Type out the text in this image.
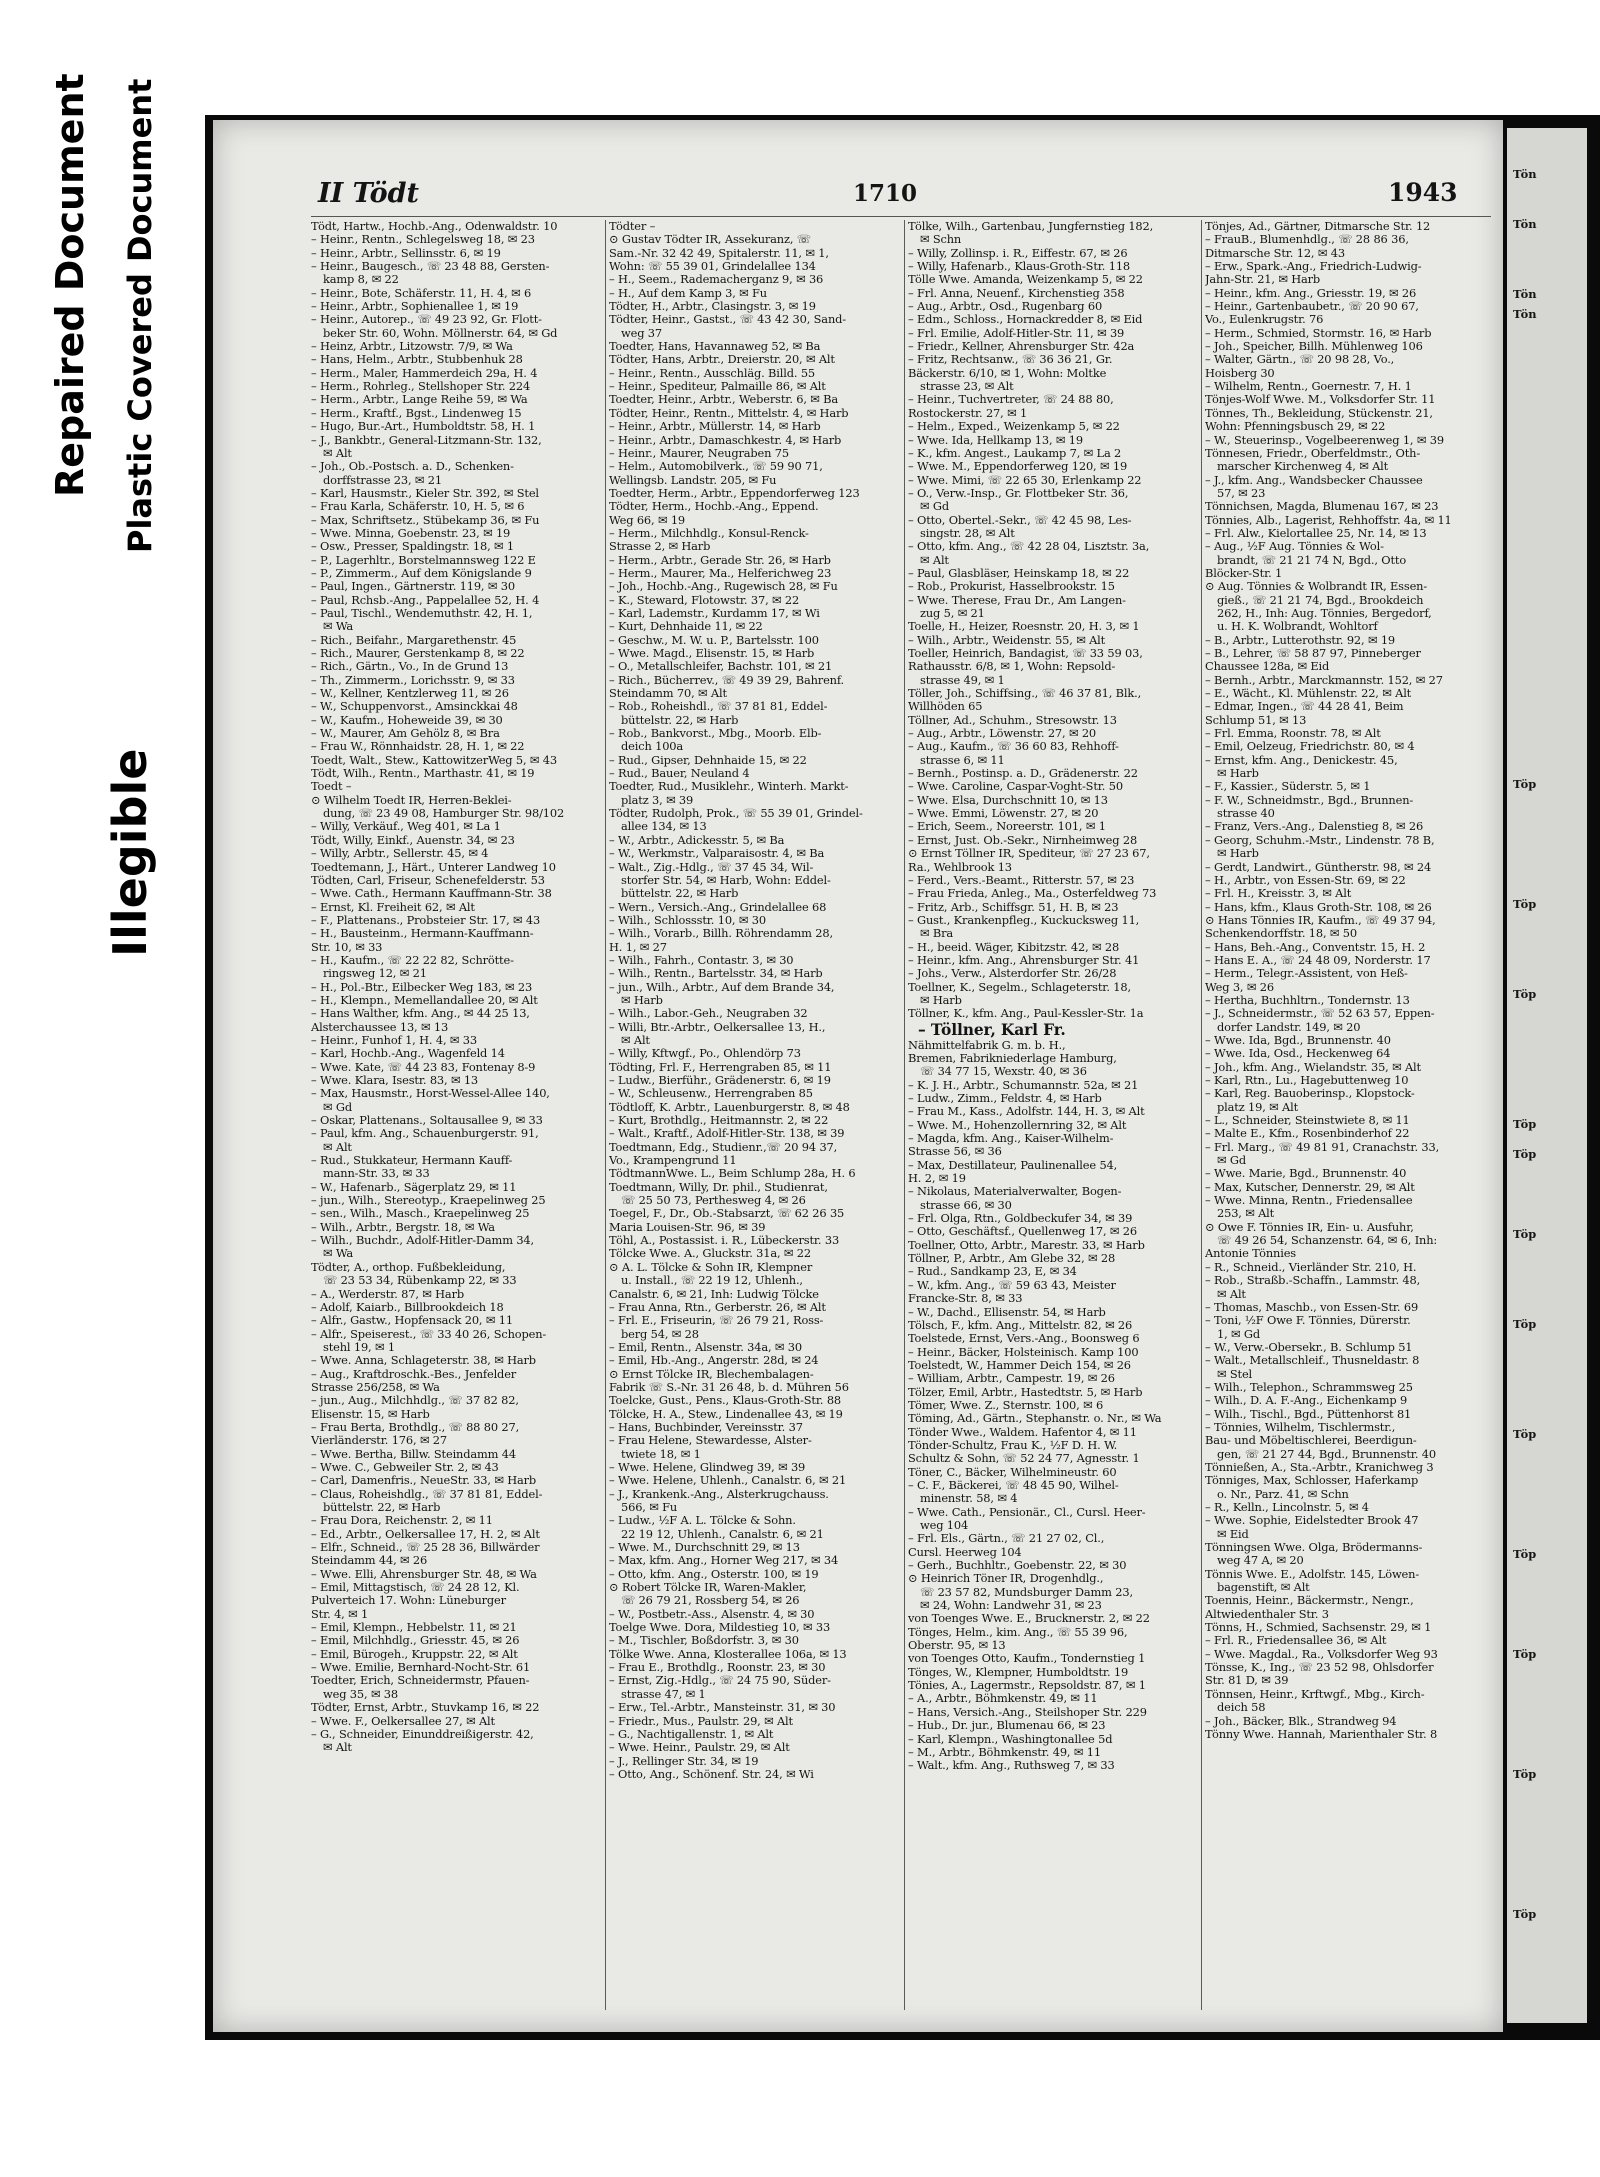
Repaired Document Plastic Covered Document
Illegible
II Tödt	1710	1943

Tödt, Hartw., Hochb.-Ang., Odenwaldstr. 10

– Heinr., Rentn., Schlegelsweg 18, ✉ 23

– Heinr., Arbtr., Sellinsstr. 6, ✉ 19

– Heinr., Baugesch., ☏ 23 48 88, Gersten-

kamp 8, ✉ 22

– Heinr., Bote, Schäferstr. 11, H. 4, ✉ 6

– Heinr., Arbtr., Sophienallee 1, ✉ 19

– Heinr., Autorep., ☏ 49 23 92, Gr. Flott-

beker Str. 60, Wohn. Möllnerstr. 64, ✉ Gd

– Heinz, Arbtr., Litzowstr. 7/9, ✉ Wa

– Hans, Helm., Arbtr., Stubbenhuk 28

– Herm., Maler, Hammerdeich 29a, H. 4

– Herm., Rohrleg., Stellshoper Str. 224

– Herm., Arbtr., Lange Reihe 59, ✉ Wa

– Herm., Kraftf., Bgst., Lindenweg 15

– Hugo, Bur.-Art., Humboldtstr. 58, H. 1

– J., Bankbtr., General-Litzmann-Str. 132,

✉ Alt

– Joh., Ob.-Postsch. a. D., Schenken-

dorffstrasse 23, ✉ 21

– Karl, Hausmstr., Kieler Str. 392, ✉ Stel

– Frau Karla, Schäferstr. 10, H. 5, ✉ 6

– Max, Schriftsetz., Stübekamp 36, ✉ Fu

– Wwe. Minna, Goebenstr. 23, ✉ 19

– Osw., Presser, Spaldingstr. 18, ✉ 1

– P., Lagerhltr., Borstelmannsweg 122 E

– P., Zimmerm., Auf dem Königslande 9

– Paul, Ingen., Gärtnerstr. 119, ✉ 30

– Paul, Rchsb.-Ang., Pappelallee 52, H. 4

– Paul, Tischl., Wendemuthstr. 42, H. 1,

✉ Wa

– Rich., Beifahr., Margarethenstr. 45

– Rich., Maurer, Gerstenkamp 8, ✉ 22

– Rich., Gärtn., Vo., In de Grund 13

– Th., Zimmerm., Lorichsstr. 9, ✉ 33

– W., Kellner, Kentzlerweg 11, ✉ 26

– W., Schuppenvorst., Amsinckkai 48

– W., Kaufm., Hoheweide 39, ✉ 30

– W., Maurer, Am Gehölz 8, ✉ Bra

– Frau W., Rönnhaidstr. 28, H. 1, ✉ 22

Toedt, Walt., Stew., KattowitzerWeg 5, ✉ 43

Tödt, Wilh., Rentn., Marthastr. 41, ✉ 19

Toedt –

⊙ Wilhelm Toedt IR, Herren-Beklei-

dung, ☏ 23 49 08, Hamburger Str. 98/102

– Willy, Verkäuf., Weg 401, ✉ La 1

Tödt, Willy, Einkf., Auenstr. 34, ✉ 23

– Willy, Arbtr., Sellerstr. 45, ✉ 4

Toedtemann, J., Härt., Unterer Landweg 10

Tödten, Carl, Friseur, Schenefelderstr. 53

– Wwe. Cath., Hermann Kauffmann-Str. 38

– Ernst, Kl. Freiheit 62, ✉ Alt

– F., Plattenans., Probsteier Str. 17, ✉ 43

– H., Bausteinm., Hermann-Kauffmann-

Str. 10, ✉ 33

– H., Kaufm., ☏ 22 22 82, Schrötte-

ringsweg 12, ✉ 21

– H., Pol.-Btr., Eilbecker Weg 183, ✉ 23

– H., Klempn., Memellandallee 20, ✉ Alt

– Hans Walther, kfm. Ang., ✉ 44 25 13,

Alsterchaussee 13, ✉ 13

– Heinr., Funhof 1, H. 4, ✉ 33

– Karl, Hochb.-Ang., Wagenfeld 14

– Wwe. Kate, ☏ 44 23 83, Fontenay 8-9

– Wwe. Klara, Isestr. 83, ✉ 13

– Max, Hausmstr., Horst-Wessel-Allee 140,

✉ Gd

– Oskar, Plattenans., Soltausallee 9, ✉ 33

– Paul, kfm. Ang., Schauenburgerstr. 91,

✉ Alt

– Rud., Stukkateur, Hermann Kauff-

mann-Str. 33, ✉ 33

– W., Hafenarb., Sägerplatz 29, ✉ 11

– jun., Wilh., Stereotyp., Kraepelinweg 25

– sen., Wilh., Masch., Kraepelinweg 25

– Wilh., Arbtr., Bergstr. 18, ✉ Wa

– Wilh., Buchdr., Adolf-Hitler-Damm 34,

✉ Wa

Tödter, A., orthop. Fußbekleidung,

☏ 23 53 34, Rübenkamp 22, ✉ 33

– A., Werderstr. 87, ✉ Harb

– Adolf, Kaiarb., Billbrookdeich 18

– Alfr., Gastw., Hopfensack 20, ✉ 11

– Alfr., Speiserest., ☏ 33 40 26, Schopen-

stehl 19, ✉ 1

– Wwe. Anna, Schlageterstr. 38, ✉ Harb

– Aug., Kraftdroschk.-Bes., Jenfelder

Strasse 256/258, ✉ Wa

– jun., Aug., Milchhdlg., ☏ 37 82 82,

Elisenstr. 15, ✉ Harb

– Frau Berta, Brothdlg., ☏ 88 80 27,

Vierländerstr. 176, ✉ 27

– Wwe. Bertha, Billw. Steindamm 44

– Wwe. C., Gebweiler Str. 2, ✉ 43

– Carl, Damenfris., NeueStr. 33, ✉ Harb

– Claus, Roheishdlg., ☏ 37 81 81, Eddel-

büttelstr. 22, ✉ Harb

– Frau Dora, Reichenstr. 2, ✉ 11

– Ed., Arbtr., Oelkersallee 17, H. 2, ✉ Alt

– Elfr., Schneid., ☏ 25 28 36, Billwärder

Steindamm 44, ✉ 26

– Wwe. Elli, Ahrensburger Str. 48, ✉ Wa

– Emil, Mittagstisch, ☏ 24 28 12, Kl.

Pulverteich 17. Wohn: Lüneburger

Str. 4, ✉ 1

– Emil, Klempn., Hebbelstr. 11, ✉ 21

– Emil, Milchhdlg., Griesstr. 45, ✉ 26

– Emil, Bürogeh., Kruppstr. 22, ✉ Alt

– Wwe. Emilie, Bernhard-Nocht-Str. 61

Toedter, Erich, Schneidermstr, Pfauen-

weg 35, ✉ 38

Tödter, Ernst, Arbtr., Stuvkamp 16, ✉ 22

– Wwe. F., Oelkersallee 27, ✉ Alt

– G., Schneider, Einunddreißigerstr. 42,

✉ Alt

Tödter –

⊙ Gustav Tödter IR, Assekuranz, ☏

Sam.-Nr. 32 42 49, Spitalerstr. 11, ✉ 1,

Wohn: ☏ 55 39 01, Grindelallee 134

– H., Seem., Rademacherganz 9, ✉ 36

– H., Auf dem Kamp 3, ✉ Fu

Tödter, H., Arbtr., Clasingstr. 3, ✉ 19

Tödter, Heinr., Gastst., ☏ 43 42 30, Sand-

weg 37

Toedter, Hans, Havannaweg 52, ✉ Ba

Tödter, Hans, Arbtr., Dreierstr. 20, ✉ Alt

– Heinr., Rentn., Ausschläg. Billd. 55

– Heinr., Spediteur, Palmaille 86, ✉ Alt

Toedter, Heinr., Arbtr., Weberstr. 6, ✉ Ba

Tödter, Heinr., Rentn., Mittelstr. 4, ✉ Harb

– Heinr., Arbtr., Müllerstr. 14, ✉ Harb

– Heinr., Arbtr., Damaschkestr. 4, ✉ Harb

– Heinr., Maurer, Neugraben 75

– Helm., Automobilverk., ☏ 59 90 71,

Wellingsb. Landstr. 205, ✉ Fu

Toedter, Herm., Arbtr., Eppendorferweg 123

Tödter, Herm., Hochb.-Ang., Eppend.

Weg 66, ✉ 19

– Herm., Milchhdlg., Konsul-Renck-

Strasse 2, ✉ Harb

– Herm., Arbtr., Gerade Str. 26, ✉ Harb

– Herm., Maurer, Ma., Helferichweg 23

– Joh., Hochb.-Ang., Rugewisch 28, ✉ Fu

– K., Steward, Flotowstr. 37, ✉ 22

– Karl, Lademstr., Kurdamm 17, ✉ Wi

– Kurt, Dehnhaide 11, ✉ 22

– Geschw., M. W. u. P., Bartelsstr. 100

– Wwe. Magd., Elisenstr. 15, ✉ Harb

– O., Metallschleifer, Bachstr. 101, ✉ 21

– Rich., Bücherrev., ☏ 49 39 29, Bahrenf.

Steindamm 70, ✉ Alt

– Rob., Roheishdl., ☏ 37 81 81, Eddel-

büttelstr. 22, ✉ Harb

– Rob., Bankvorst., Mbg., Moorb. Elb-

deich 100a

– Rud., Gipser, Dehnhaide 15, ✉ 22

– Rud., Bauer, Neuland 4

Toedter, Rud., Musiklehr., Winterh. Markt-

platz 3, ✉ 39

Tödter, Rudolph, Prok., ☏ 55 39 01, Grindel-

allee 134, ✉ 13

– W., Arbtr., Adickesstr. 5, ✉ Ba

– W., Werkmstr., Valparaisostr. 4, ✉ Ba

– Walt., Zig.-Hdlg., ☏ 37 45 34, Wil-

storfer Str. 54, ✉ Harb, Wohn: Eddel-

büttelstr. 22, ✉ Harb

– Wern., Versich.-Ang., Grindelallee 68

– Wilh., Schlossstr. 10, ✉ 30

– Wilh., Vorarb., Billh. Röhrendamm 28,

H. 1, ✉ 27

– Wilh., Fahrh., Contastr. 3, ✉ 30

– Wilh., Rentn., Bartelsstr. 34, ✉ Harb

– jun., Wilh., Arbtr., Auf dem Brande 34,

✉ Harb

– Wilh., Labor.-Geh., Neugraben 32

– Willi, Btr.-Arbtr., Oelkersallee 13, H.,

✉ Alt

– Willy, Kftwgf., Po., Ohlendörp 73

Tödting, Frl. F., Herrengraben 85, ✉ 11

– Ludw., Bierführ., Grädenerstr. 6, ✉ 19

– W., Schleusenw., Herrengraben 85

Tödtloff, K. Arbtr., Lauenburgerstr. 8, ✉ 48

– Kurt, Brothdlg., Heitmannstr. 2, ✉ 22

– Walt., Kraftf., Adolf-Hitler-Str. 138, ✉ 39

Toedtmann, Edg., Studienr.,☏ 20 94 37,

Vo., Krampengrund 11

TödtmannWwe. L., Beim Schlump 28a, H. 6

Toedtmann, Willy, Dr. phil., Studienrat,

☏ 25 50 73, Perthesweg 4, ✉ 26

Toegel, F., Dr., Ob.-Stabsarzt, ☏ 62 26 35

Maria Louisen-Str. 96, ✉ 39

Töhl, A., Postassist. i. R., Lübeckerstr. 33

Tölcke Wwe. A., Gluckstr. 31a, ✉ 22

⊙ A. L. Tölcke & Sohn IR, Klempner

u. Install., ☏ 22 19 12, Uhlenh.,

Canalstr. 6, ✉ 21, Inh: Ludwig Tölcke

– Frau Anna, Rtn., Gerberstr. 26, ✉ Alt

– Frl. E., Friseurin, ☏ 26 79 21, Ross-

berg 54, ✉ 28

– Emil, Rentn., Alsenstr. 34a, ✉ 30

– Emil, Hb.-Ang., Angerstr. 28d, ✉ 24

⊙ Ernst Tölcke IR, Blechembalagen-

Fabrik ☏ S.-Nr. 31 26 48, b. d. Mühren 56

Toelcke, Gust., Pens., Klaus-Groth-Str. 88

Tölcke, H. A., Stew., Lindenallee 43, ✉ 19

– Hans, Buchbinder, Vereinsstr. 37

– Frau Helene, Stewardesse, Alster-

twiete 18, ✉ 1

– Wwe. Helene, Glindweg 39, ✉ 39

– Wwe. Helene, Uhlenh., Canalstr. 6, ✉ 21

– J., Krankenk.-Ang., Alsterkrugchauss.

566, ✉ Fu

– Ludw., ½F A. L. Tölcke & Sohn.

22 19 12, Uhlenh., Canalstr. 6, ✉ 21

– Wwe. M., Durchschnitt 29, ✉ 13

– Max, kfm. Ang., Horner Weg 217, ✉ 34

– Otto, kfm. Ang., Osterstr. 100, ✉ 19

⊙ Robert Tölcke IR, Waren-Makler,

☏ 26 79 21, Rossberg 54, ✉ 26

– W., Postbetr.-Ass., Alsenstr. 4, ✉ 30

Toelge Wwe. Dora, Mildestieg 10, ✉ 33

– M., Tischler, Boßdorfstr. 3, ✉ 30

Tölke Wwe. Anna, Klosterallee 106a, ✉ 13

– Frau E., Brothdlg., Roonstr. 23, ✉ 30

– Ernst, Zig.-Hdlg., ☏ 24 75 90, Süder-

strasse 47, ✉ 1

– Erw., Tel.-Arbtr., Mansteinstr. 31, ✉ 30

– Friedr., Mus., Paulstr. 29, ✉ Alt

– G., Nachtigallenstr. 1, ✉ Alt

– Wwe. Heinr., Paulstr. 29, ✉ Alt

– J., Rellinger Str. 34, ✉ 19

– Otto, Ang., Schönenf. Str. 24, ✉ Wi

Tölke, Wilh., Gartenbau, Jungfernstieg 182,

✉ Schn

– Willy, Zollinsp. i. R., Eiffestr. 67, ✉ 26

– Willy, Hafenarb., Klaus-Groth-Str. 118

Tölle Wwe. Amanda, Weizenkamp 5, ✉ 22

– Frl. Anna, Neuenf., Kirchenstieg 358

– Aug., Arbtr., Osd., Rugenbarg 60

– Edm., Schloss., Hornackredder 8, ✉ Eid

– Frl. Emilie, Adolf-Hitler-Str. 11, ✉ 39

– Friedr., Kellner, Ahrensburger Str. 42a

– Fritz, Rechtsanw., ☏ 36 36 21, Gr.

Bäckerstr. 6/10, ✉ 1, Wohn: Moltke

strasse 23, ✉ Alt

– Heinr., Tuchvertreter, ☏ 24 88 80,

Rostockerstr. 27, ✉ 1

– Helm., Exped., Weizenkamp 5, ✉ 22

– Wwe. Ida, Hellkamp 13, ✉ 19

– K., kfm. Angest., Laukamp 7, ✉ La 2

– Wwe. M., Eppendorferweg 120, ✉ 19

– Wwe. Mimi, ☏ 22 65 30, Erlenkamp 22

– O., Verw.-Insp., Gr. Flottbeker Str. 36,

✉ Gd

– Otto, Obertel.-Sekr., ☏ 42 45 98, Les-

singstr. 28, ✉ Alt

– Otto, kfm. Ang., ☏ 42 28 04, Lisztstr. 3a,

✉ Alt

– Paul, Glasbläser, Heinskamp 18, ✉ 22

– Rob., Prokurist, Hasselbrookstr. 15

– Wwe. Therese, Frau Dr., Am Langen-

zug 5, ✉ 21

Toelle, H., Heizer, Roesnstr. 20, H. 3, ✉ 1

– Wilh., Arbtr., Weidenstr. 55, ✉ Alt

Toeller, Heinrich, Bandagist, ☏ 33 59 03,

Rathausstr. 6/8, ✉ 1, Wohn: Repsold-

strasse 49, ✉ 1

Töller, Joh., Schiffsing., ☏ 46 37 81, Blk.,

Willhöden 65

Töllner, Ad., Schuhm., Stresowstr. 13

– Aug., Arbtr., Löwenstr. 27, ✉ 20

– Aug., Kaufm., ☏ 36 60 83, Rehhoff-

strasse 6, ✉ 11

– Bernh., Postinsp. a. D., Grädenerstr. 22

– Wwe. Caroline, Caspar-Voght-Str. 50

– Wwe. Elsa, Durchschnitt 10, ✉ 13

– Wwe. Emmi, Löwenstr. 27, ✉ 20

– Erich, Seem., Noreerstr. 101, ✉ 1

– Ernst, Just. Ob.-Sekr., Nirnheimweg 28

⊙ Ernst Töllner IR, Spediteur, ☏ 27 23 67,

Ra., Wehlbrook 13

– Ferd., Vers.-Beamt., Ritterstr. 57, ✉ 23

– Frau Frieda, Anleg., Ma., Osterfeldweg 73

– Fritz, Arb., Schiffsgr. 51, H. B, ✉ 23

– Gust., Krankenpfleg., Kuckucksweg 11,

✉ Bra

– H., beeid. Wäger, Kibitzstr. 42, ✉ 28

– Heinr., kfm. Ang., Ahrensburger Str. 41

– Johs., Verw., Alsterdorfer Str. 26/28

Toellner, K., Segelm., Schlageterstr. 18,

✉ Harb

Töllner, K., kfm. Ang., Paul-Kessler-Str. 1a

– Töllner, Karl Fr.

Nähmittelfabrik G. m. b. H.,

Bremen, Fabrikniederlage Hamburg,

☏ 34 77 15, Wexstr. 40, ✉ 36

– K. J. H., Arbtr., Schumannstr. 52a, ✉ 21

– Ludw., Zimm., Feldstr. 4, ✉ Harb

– Frau M., Kass., Adolfstr. 144, H. 3, ✉ Alt

– Wwe. M., Hohenzollernring 32, ✉ Alt

– Magda, kfm. Ang., Kaiser-Wilhelm-

Strasse 56, ✉ 36

– Max, Destillateur, Paulinenallee 54,

H. 2, ✉ 19

– Nikolaus, Materialverwalter, Bogen-

strasse 66, ✉ 30

– Frl. Olga, Rtn., Goldbeckufer 34, ✉ 39

– Otto, Geschäftsf., Quellenweg 17, ✉ 26

Toellner, Otto, Arbtr., Marestr. 33, ✉ Harb

Töllner, P., Arbtr., Am Glebe 32, ✉ 28

– Rud., Sandkamp 23, E, ✉ 34

– W., kfm. Ang., ☏ 59 63 43, Meister

Francke-Str. 8, ✉ 33

– W., Dachd., Ellisenstr. 54, ✉ Harb

Tölsch, F., kfm. Ang., Mittelstr. 82, ✉ 26

Toelstede, Ernst, Vers.-Ang., Boonsweg 6

– Heinr., Bäcker, Holsteinisch. Kamp 100

Toelstedt, W., Hammer Deich 154, ✉ 26

– William, Arbtr., Campestr. 19, ✉ 26

Tölzer, Emil, Arbtr., Hastedtstr. 5, ✉ Harb

Tömer, Wwe. Z., Sternstr. 100, ✉ 6

Töming, Ad., Gärtn., Stephanstr. o. Nr., ✉ Wa

Tönder Wwe., Waldem. Hafentor 4, ✉ 11

Tönder-Schultz, Frau K., ½F D. H. W.

Schultz & Sohn, ☏ 52 24 77, Agnesstr. 1

Töner, C., Bäcker, Wilhelmineustr. 60

– C. F., Bäckerei, ☏ 48 45 90, Wilhel-

minenstr. 58, ✉ 4

– Wwe. Cath., Pensionär., Cl., Cursl. Heer-

weg 104

– Frl. Els., Gärtn., ☏ 21 27 02, Cl.,

Cursl. Heerweg 104

– Gerh., Buchhltr., Goebenstr. 22, ✉ 30

⊙ Heinrich Töner IR, Drogenhdlg.,

☏ 23 57 82, Mundsburger Damm 23,

✉ 24, Wohn: Landwehr 31, ✉ 23

von Toenges Wwe. E., Brucknerstr. 2, ✉ 22

Tönges, Helm., kim. Ang., ☏ 55 39 96,

Oberstr. 95, ✉ 13

von Toenges Otto, Kaufm., Tondernstieg 1

Tönges, W., Klempner, Humboldtstr. 19

Tönies, A., Lagermstr., Repsoldstr. 87, ✉ 1

– A., Arbtr., Böhmkenstr. 49, ✉ 11

– Hans, Versich.-Ang., Steilshoper Str. 229

– Hub., Dr. jur., Blumenau 66, ✉ 23

– Karl, Klempn., Washingtonallee 5d

– M., Arbtr., Böhmkenstr. 49, ✉ 11

– Walt., kfm. Ang., Ruthsweg 7, ✉ 33

Tönjes, Ad., Gärtner, Ditmarsche Str. 12

– FrauB., Blumenhdlg., ☏ 28 86 36,

Ditmarsche Str. 12, ✉ 43

– Erw., Spark.-Ang., Friedrich-Ludwig-

Jahn-Str. 21, ✉ Harb

– Heinr., kfm. Ang., Griesstr. 19, ✉ 26

– Heinr., Gartenbaubetr., ☏ 20 90 67,

Vo., Eulenkrugstr. 76

– Herm., Schmied, Stormstr. 16, ✉ Harb

– Joh., Speicher, Billh. Mühlenweg 106

– Walter, Gärtn., ☏ 20 98 28, Vo.,

Hoisberg 30

– Wilhelm, Rentn., Goernestr. 7, H. 1

Tönjes-Wolf Wwe. M., Volksdorfer Str. 11

Tönnes, Th., Bekleidung, Stückenstr. 21,

Wohn: Pfenningsbusch 29, ✉ 22

– W., Steuerinsp., Vogelbeerenweg 1, ✉ 39

Tönnesen, Friedr., Oberfeldmstr., Oth-

marscher Kirchenweg 4, ✉ Alt

– J., kfm. Ang., Wandsbecker Chaussee

57, ✉ 23

Tönnichsen, Magda, Blumenau 167, ✉ 23

Tönnies, Alb., Lagerist, Rehhoffstr. 4a, ✉ 11

– Frl. Alw., Kielortallee 25, Nr. 14, ✉ 13

– Aug., ½F Aug. Tönnies & Wol-

brandt, ☏ 21 21 74 N, Bgd., Otto

Blöcker-Str. 1

⊙ Aug. Tönnies & Wolbrandt IR, Essen-

gieß., ☏ 21 21 74, Bgd., Brookdeich

262, H., Inh: Aug. Tönnies, Bergedorf,

u. H. K. Wolbrandt, Wohltorf

– B., Arbtr., Lutterothstr. 92, ✉ 19

– B., Lehrer, ☏ 58 87 97, Pinneberger

Chaussee 128a, ✉ Eid

– Bernh., Arbtr., Marckmannstr. 152, ✉ 27

– E., Wächt., Kl. Mühlenstr. 22, ✉ Alt

– Edmar, Ingen., ☏ 44 28 41, Beim

Schlump 51, ✉ 13

– Frl. Emma, Roonstr. 78, ✉ Alt

– Emil, Oelzeug, Friedrichstr. 80, ✉ 4

– Ernst, kfm. Ang., Denickestr. 45,

✉ Harb

– F., Kassier., Süderstr. 5, ✉ 1

– F. W., Schneidmstr., Bgd., Brunnen-

strasse 40

– Franz, Vers.-Ang., Dalenstieg 8, ✉ 26

– Georg, Schuhm.-Mstr., Lindenstr. 78 B,

✉ Harb

– Gerdt, Landwirt., Güntherstr. 98, ✉ 24

– H., Arbtr., von Essen-Str. 69, ✉ 22

– Frl. H., Kreisstr. 3, ✉ Alt

– Hans, kfm., Klaus Groth-Str. 108, ✉ 26

⊙ Hans Tönnies IR, Kaufm., ☏ 49 37 94,

Schenkendorffstr. 18, ✉ 50

– Hans, Beh.-Ang., Conventstr. 15, H. 2

– Hans E. A., ☏ 24 48 09, Norderstr. 17

– Herm., Telegr.-Assistent, von Heß-

Weg 3, ✉ 26

– Hertha, Buchhltrn., Tondernstr. 13

– J., Schneidermstr., ☏ 52 63 57, Eppen-

dorfer Landstr. 149, ✉ 20

– Wwe. Ida, Bgd., Brunnenstr. 40

– Wwe. Ida, Osd., Heckenweg 64

– Joh., kfm. Ang., Wielandstr. 35, ✉ Alt

– Karl, Rtn., Lu., Hagebuttenweg 10

– Karl, Reg. Bauoberinsp., Klopstock-

platz 19, ✉ Alt

– L., Schneider, Steinstwiete 8, ✉ 11

– Malte E., Kfm., Rosenbinderhof 22

– Frl. Marg., ☏ 49 81 91, Cranachstr. 33,

✉ Gd

– Wwe. Marie, Bgd., Brunnenstr. 40

– Max, Kutscher, Dennerstr. 29, ✉ Alt

– Wwe. Minna, Rentn., Friedensallee

253, ✉ Alt

⊙ Owe F. Tönnies IR, Ein- u. Ausfuhr,

☏ 49 26 54, Schanzenstr. 64, ✉ 6, Inh:

Antonie Tönnies

– R., Schneid., Vierländer Str. 210, H.

– Rob., Straßb.-Schaffn., Lammstr. 48,

✉ Alt

– Thomas, Maschb., von Essen-Str. 69

– Toni, ½F Owe F. Tönnies, Dürerstr.

1, ✉ Gd

– W., Verw.-Obersekr., B. Schlump 51

– Walt., Metallschleif., Thusneldastr. 8

✉ Stel

– Wilh., Telephon., Schrammsweg 25

– Wilh., D. A. F.-Ang., Eichenkamp 9

– Wilh., Tischl., Bgd., Püttenhorst 81

– Tönnies, Wilhelm, Tischlermstr.,

Bau- und Möbeltischlerei, Beerdigun-

gen, ☏ 21 27 44, Bgd., Brunnenstr. 40

Tönnießen, A., Sta.-Arbtr., Kranichweg 3

Tönniges, Max, Schlosser, Haferkamp

o. Nr., Parz. 41, ✉ Schn

– R., Kelln., Lincolnstr. 5, ✉ 4

– Wwe. Sophie, Eidelstedter Brook 47

✉ Eid

Tönningsen Wwe. Olga, Brödermanns-

weg 47 A, ✉ 20

Tönnis Wwe. E., Adolfstr. 145, Löwen-

bagenstift, ✉ Alt

Toennis, Heinr., Bäckermstr., Nengr.,

Altwiedenthaler Str. 3

Tönns, H., Schmied, Sachsenstr. 29, ✉ 1

– Frl. R., Friedensallee 36, ✉ Alt

– Wwe. Magdal., Ra., Volksdorfer Weg 93

Tönsse, K., Ing., ☏ 23 52 98, Ohlsdorfer

Str. 81 D, ✉ 39

Tönnsen, Heinr., Krftwgf., Mbg., Kirch-

deich 58

– Joh., Bäcker, Blk., Strandweg 94

Tönny Wwe. Hannah, Marienthaler Str. 8

Tön

Tön

Tön

Tön

Töp

Töp

Töp

Töp

Töp

Töp

Töp

Töp

Töp

Töp

Töp

Töp
